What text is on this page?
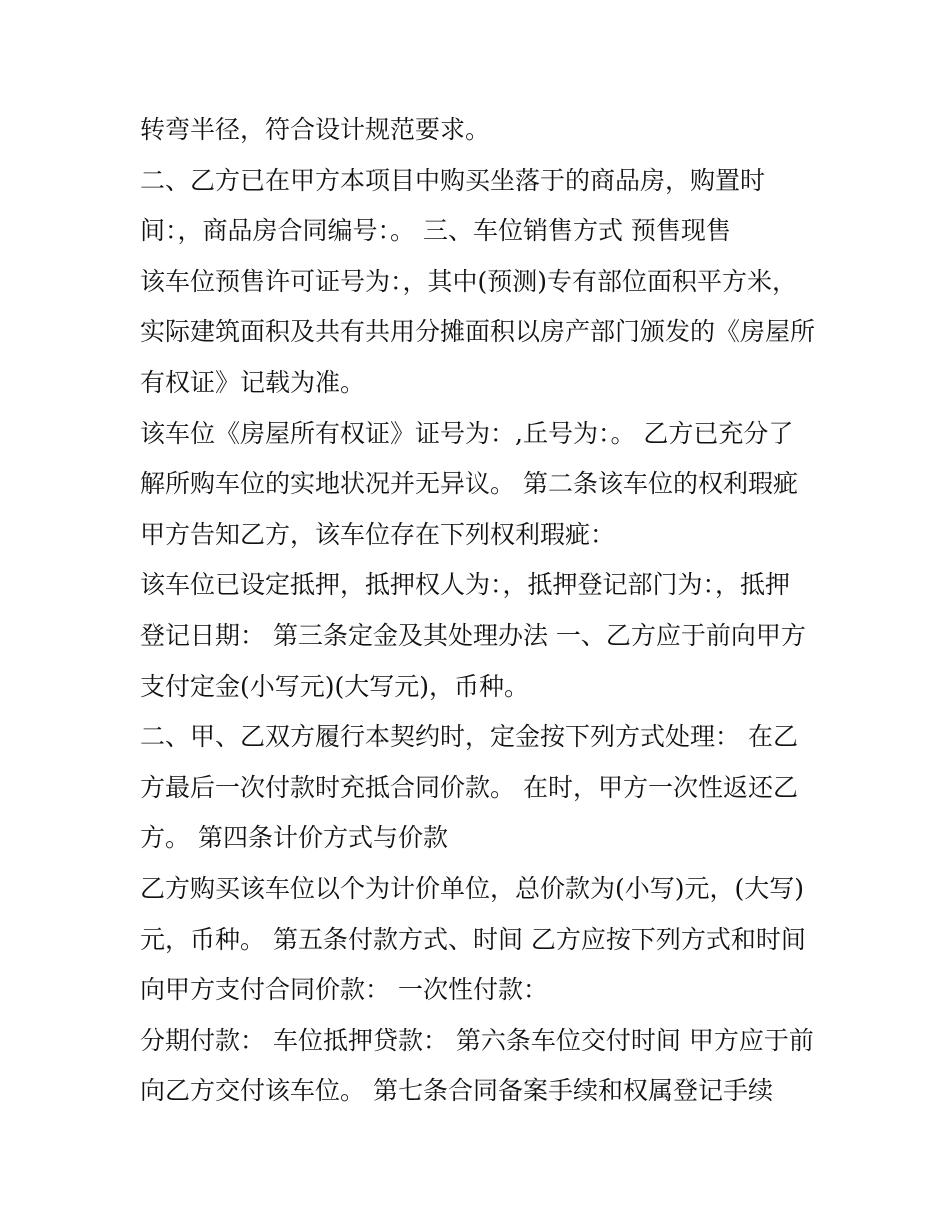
转弯半径，符合设计规范要求。
二、乙方已在甲方本项目中购买坐落于的商品房，购置时
间：，商品房合同编号：。 三、车位销售方式 预售现售
该车位预售许可证号为：，其中(预测)专有部位面积平方米，
实际建筑面积及共有共用分摊面积以房产部门颁发的《房屋所
有权证》记载为准。
该车位《房屋所有权证》证号为：,丘号为：。 乙方已充分了
解所购车位的实地状况并无异议。 第二条该车位的权利瑕疵
甲方告知乙方，该车位存在下列权利瑕疵：
该车位已设定抵押，抵押权人为：，抵押登记部门为：，抵押
登记日期： 第三条定金及其处理办法 一、乙方应于前向甲方
支付定金(小写元)(大写元)，币种。
二、甲、乙双方履行本契约时，定金按下列方式处理： 在乙
方最后一次付款时充抵合同价款。 在时，甲方一次性返还乙
方。 第四条计价方式与价款
乙方购买该车位以个为计价单位，总价款为(小写)元，(大写)
元，币种。 第五条付款方式、时间 乙方应按下列方式和时间
向甲方支付合同价款： 一次性付款：
分期付款： 车位抵押贷款： 第六条车位交付时间 甲方应于前
向乙方交付该车位。 第七条合同备案手续和权属登记手续
